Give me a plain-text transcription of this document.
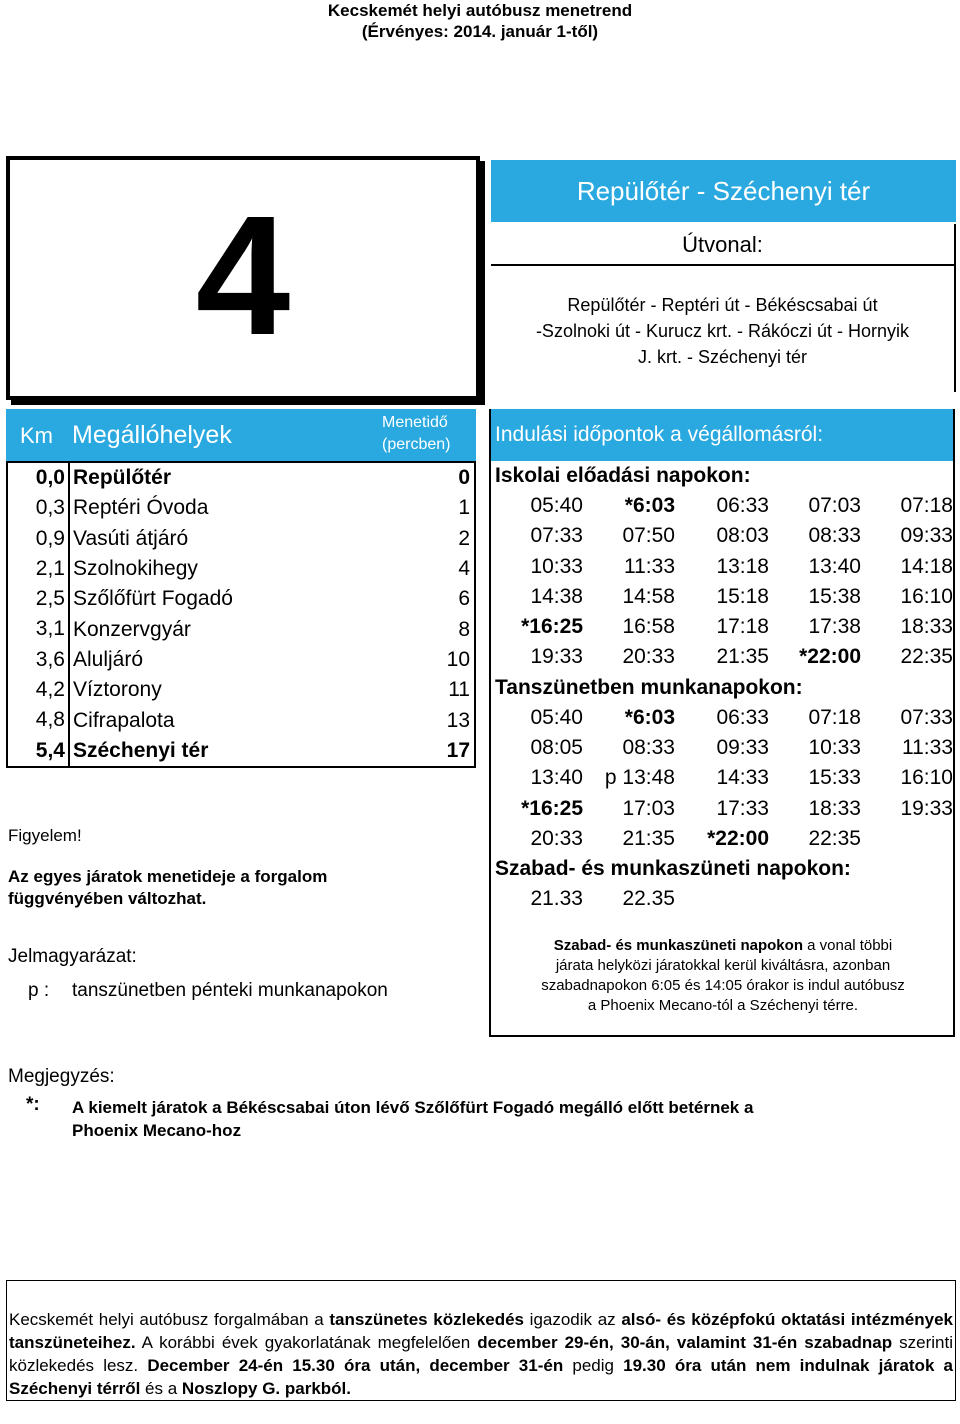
Kecskemét helyi autóbusz menetrend
(Érvényes: 2014. január 1-től)
4	Repülőtér - Széchenyi tér
Útvonal:
Repülőtér - Reptéri út - Békéscsabai út
-Szolnoki út - Kurucz krt. - Rákóczi út - Hornyik
J. krt. - Széchenyi tér
Km Megállóhelyek	Menetidő
(percben) Indulási időpontok a végállomásról:
0,0 Repülőtér	0
0,3 Reptéri Óvoda	1
0,9 Vasúti átjáró	2
2,1 Szolnokihegy	4
2,5 Szőlőfürt Fogadó	6
3,1 Konzervgyár	8
3,6 Aluljáró	10
4,2 Víztorony	11
4,8 Cifrapalota	13
5,4 Széchenyi tér	17
Iskolai előadási napokon:
05:40 *6:03 06:33 07:03 07:18
07:33 07:50 08:03 08:33 09:33
10:33 11:33 13:18 13:40 14:18
14:38 14:58 15:18 15:38 16:10
*16:25 16:58 17:18 17:38 18:33
19:33 20:33 21:35 *22:00 22:35
Tanszünetben munkanapokon:
05:40 *6:03 06:33 07:18 07:33
08:05 08:33 09:33 10:33 11:33
13:40 p 13:48 14:33 15:33 16:10
*16:25 17:03 17:33 18:33 19:33
20:33 21:35 *22:00 22:35
Szabad- és munkaszüneti napokon:
21.33 22.35
Figyelem!
Az egyes járatok menetideje a forgalom
függvényében változhat.
Jelmagyarázat:
p : tanszünetben pénteki munkanapokon
Szabad- és munkaszüneti napokon a vonal többi
járata helyközi járatokkal kerül kiváltásra, azonban
szabadnapokon 6:05 és 14:05 órakor is indul autóbusz
a Phoenix Mecano-tól a Széchenyi térre.
Megjegyzés:
*: A kiemelt járatok a Békéscsabai úton lévő Szőlőfürt Fogadó megálló előtt betérnek a
Phoenix Mecano-hoz
Kecskemét helyi autóbusz forgalmában a tanszünetes közlekedés igazodik az alsó- és középfokú oktatási intézmények tanszüneteihez. A korábbi évek gyakorlatának megfelelően december 29-én, 30-án, valamint 31-én szabadnap szerinti közlekedés lesz. December 24-én 15.30 óra után, december 31-én pedig 19.30 óra után nem indulnak járatok a Széchenyi térről és a Noszlopy G. parkból.
